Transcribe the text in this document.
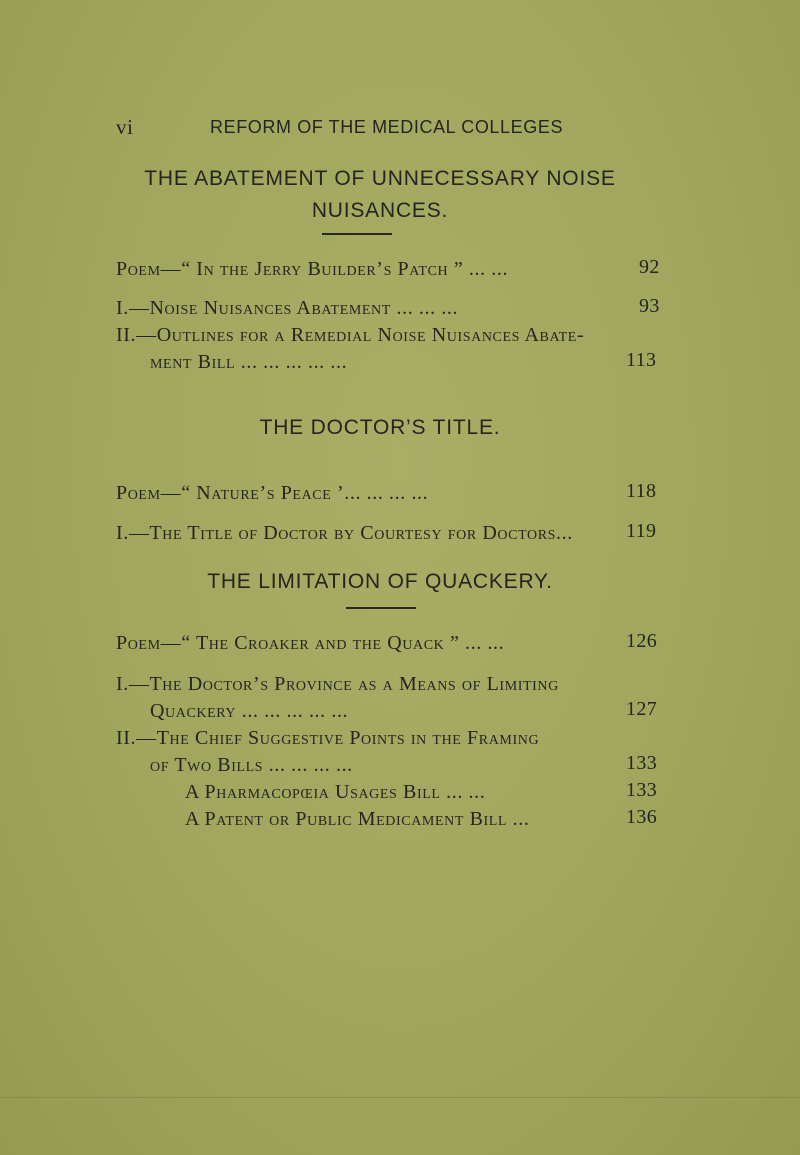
vi	REFORM OF THE MEDICAL COLLEGES
THE ABATEMENT OF UNNECESSARY NOISE
NUISANCES.
Poem—“ In the Jerry Builder’s Patch ” ... ...	92
I.—Noise Nuisances Abatement ... ... ...	93
II.—Outlines for a Remedial Noise Nuisances Abate-
ment Bill ... ... ... ... ...	113
THE DOCTOR’S TITLE.
Poem—“ Nature’s Peace ’... ... ... ...	118
I.—The Title of Doctor by Courtesy for Doctors...	119
THE LIMITATION OF QUACKERY.
Poem—“ The Croaker and the Quack ” ... ...	126
I.—The Doctor’s Province as a Means of Limiting
Quackery ... ... ... ... ...	127
II.—The Chief Suggestive Points in the Framing
of Two Bills ... ... ... ...	133
A Pharmacopœia Usages Bill ... ...	133
A Patent or Public Medicament Bill ...	136
